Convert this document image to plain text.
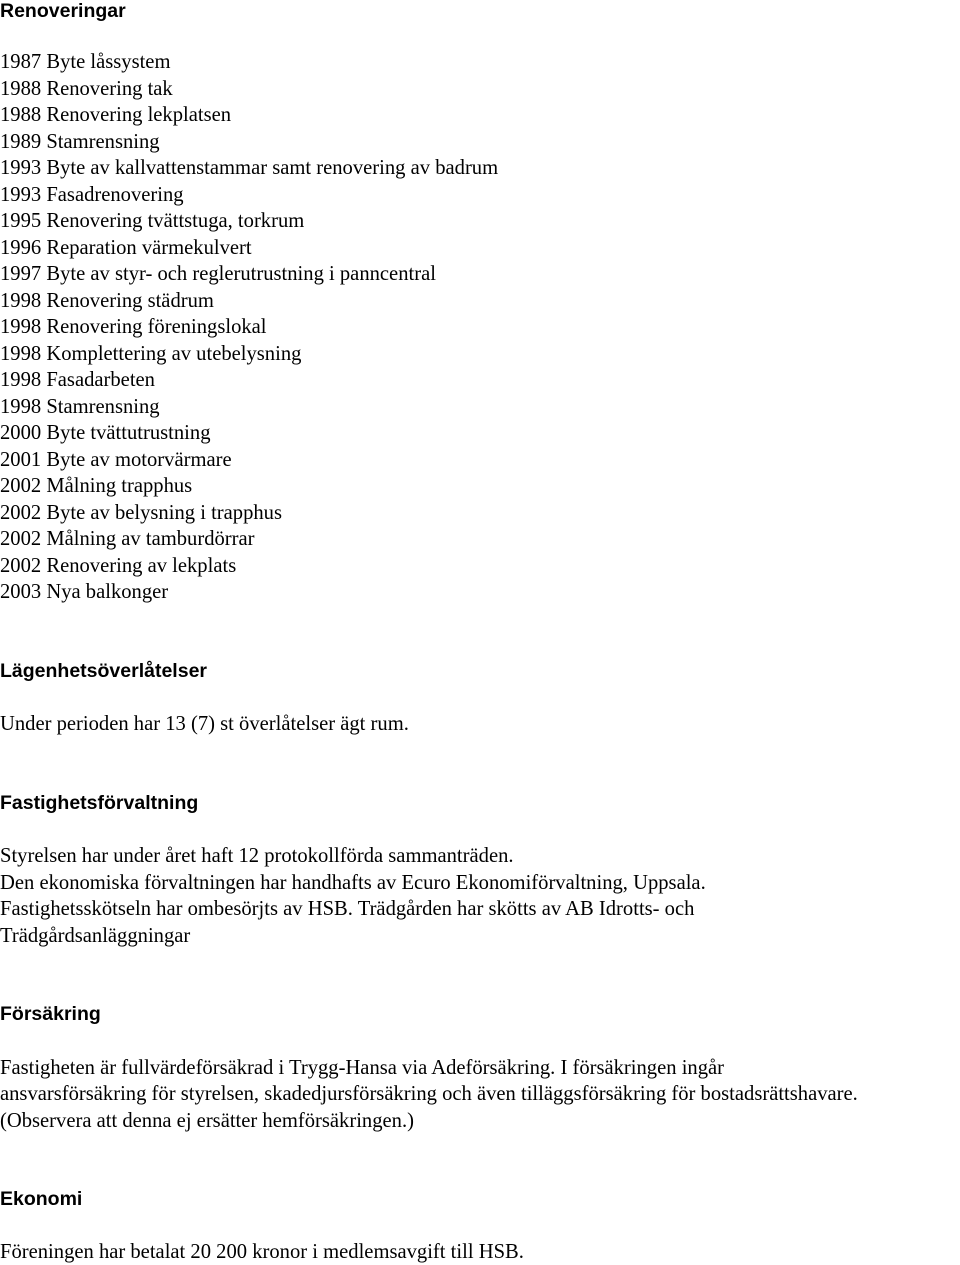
Renoveringar
1987 Byte låssystem
1988 Renovering tak
1988 Renovering lekplatsen
1989 Stamrensning
1993 Byte av kallvattenstammar samt renovering av badrum
1993 Fasadrenovering
1995 Renovering tvättstuga, torkrum
1996 Reparation värmekulvert
1997 Byte av styr- och reglerutrustning i panncentral
1998 Renovering städrum
1998 Renovering föreningslokal
1998 Komplettering av utebelysning
1998 Fasadarbeten
1998 Stamrensning
2000 Byte tvättutrustning
2001 Byte av motorvärmare
2002 Målning trapphus
2002 Byte av belysning i trapphus
2002 Målning av tamburdörrar
2002 Renovering av lekplats
2003 Nya balkonger
Lägenhetsöverlåtelser

Under perioden har 13 (7) st överlåtelser ägt rum.

Fastighetsförvaltning

Styrelsen har under året haft 12 protokollförda sammanträden.

Den ekonomiska förvaltningen har handhafts av Ecuro Ekonomiförvaltning, Uppsala.

Fastighetsskötseln har ombesörjts av HSB. Trädgården har skötts av AB Idrotts- och

Trädgårdsanläggningar

Försäkring

Fastigheten är fullvärdeförsäkrad i Trygg-Hansa via Adeförsäkring. I försäkringen ingår

ansvarsförsäkring för styrelsen, skadedjursförsäkring och även tilläggsförsäkring för bostadsrättshavare.

(Observera att denna ej ersätter hemförsäkringen.)

Ekonomi

Föreningen har betalat 20 200 kronor i medlemsavgift till HSB.
